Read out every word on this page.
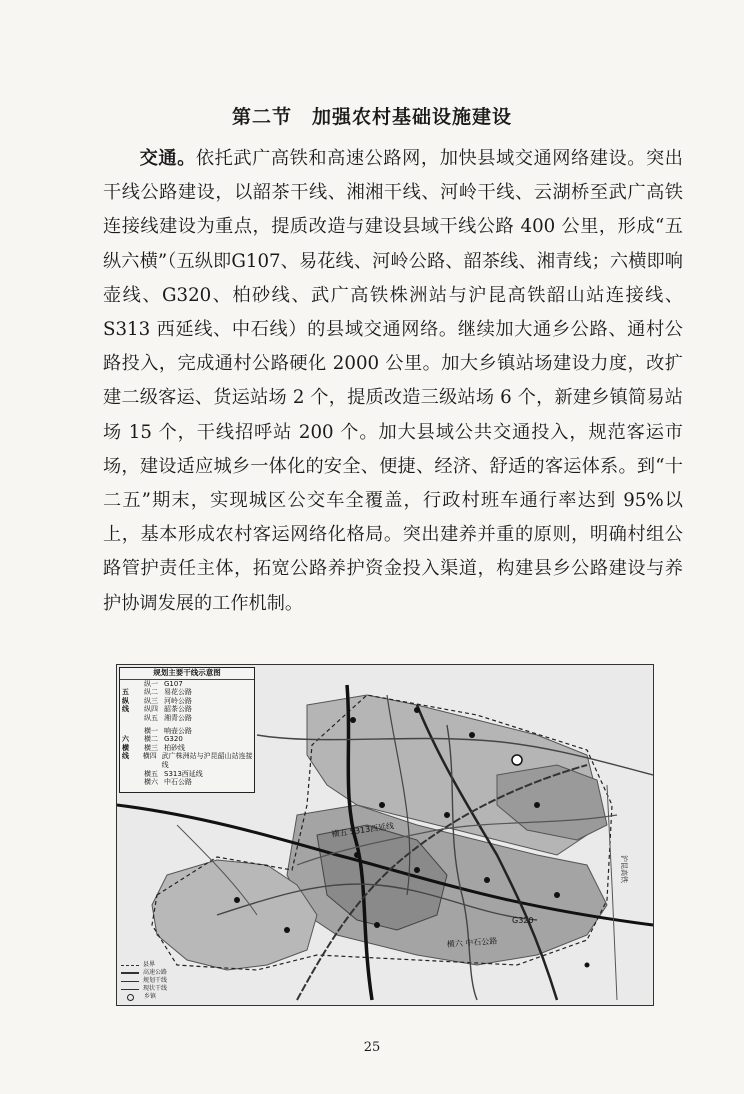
第二节　加强农村基础设施建设
交通。依托武广高铁和高速公路网，加快县域交通网络建设。突出干线公路建设，以韶茶干线、湘湘干线、河岭干线、云湖桥至武广高铁连接线建设为重点，提质改造与建设县域干线公路 400 公里，形成“五纵六横”（五纵即G107、易花线、河岭公路、韶茶线、湘青线；六横即响壶线、G320、柏砂线、武广高铁株洲站与沪昆高铁韶山站连接线、S313 西延线、中石线）的县域交通网络。继续加大通乡公路、通村公路投入，完成通村公路硬化 2000 公里。加大乡镇站场建设力度，改扩建二级客运、货运站场 2 个，提质改造三级站场 6 个，新建乡镇简易站场 15 个，干线招呼站 200 个。加大县域公共交通投入，规范客运市场，建设适应城乡一体化的安全、便捷、经济、舒适的客运体系。到“十二五”期末，实现城区公交车全覆盖，行政村班车通行率达到 95%以上，基本形成农村客运网络化格局。突出建养并重的原则，明确村组公路管护责任主体，拓宽公路养护资金投入渠道，构建县乡公路建设与养护协调发展的工作机制。
横五 S313西延线
G320
横六 中石公路
沪昆高铁
规划主要干线示意图
纵一 G107
五	纵二 易花公路
纵	纵三 河岭公路
线	纵四 韶茶公路
纵五 湘青公路
横一 响壶公路
六	横二 G320
横	横三 柏砂线
线	横四 武广株洲站与沪昆韶山站连接线
横五 S313西延线
横六 中石公路
县界
高速公路
规划干线
现状干线
乡镇
25
